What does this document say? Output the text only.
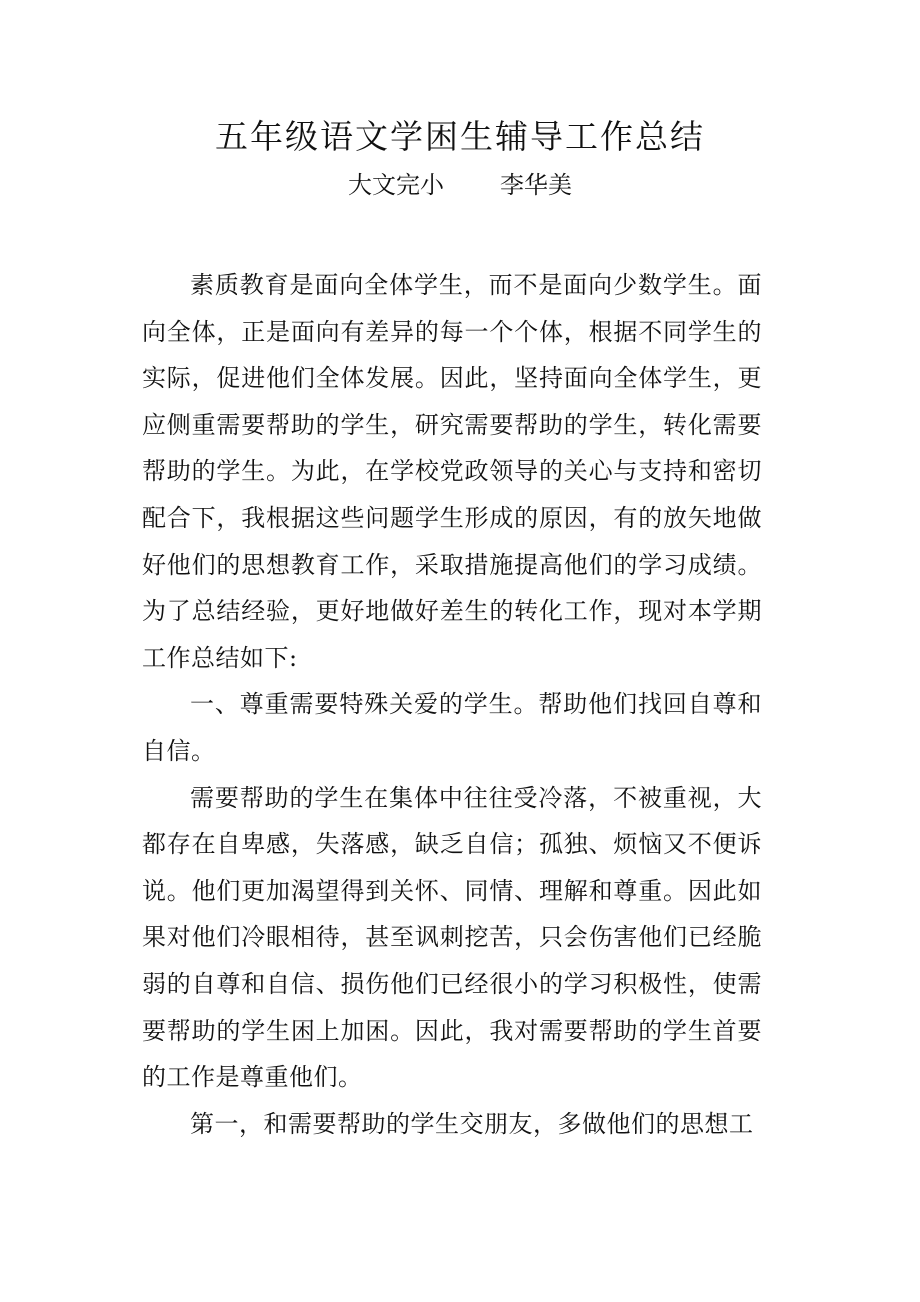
五年级语文学困生辅导工作总结

大文完小 李华美

素质教育是面向全体学生，而不是面向少数学生。面向全体，正是面向有差异的每一个个体，根据不同学生的实际，促进他们全体发展。因此，坚持面向全体学生，更应侧重需要帮助的学生，研究需要帮助的学生，转化需要帮助的学生。为此，在学校党政领导的关心与支持和密切配合下，我根据这些问题学生形成的原因，有的放矢地做好他们的思想教育工作，采取措施提高他们的学习成绩。为了总结经验，更好地做好差生的转化工作，现对本学期工作总结如下:

一、尊重需要特殊关爱的学生。帮助他们找回自尊和自信。

需要帮助的学生在集体中往往受冷落，不被重视，大都存在自卑感，失落感，缺乏自信；孤独、烦恼又不便诉说。他们更加渴望得到关怀、同情、理解和尊重。因此如果对他们冷眼相待，甚至讽刺挖苦，只会伤害他们已经脆弱的自尊和自信、损伤他们已经很小的学习积极性，使需要帮助的学生困上加困。因此，我对需要帮助的学生首要的工作是尊重他们。

第一，和需要帮助的学生交朋友，多做他们的思想工
